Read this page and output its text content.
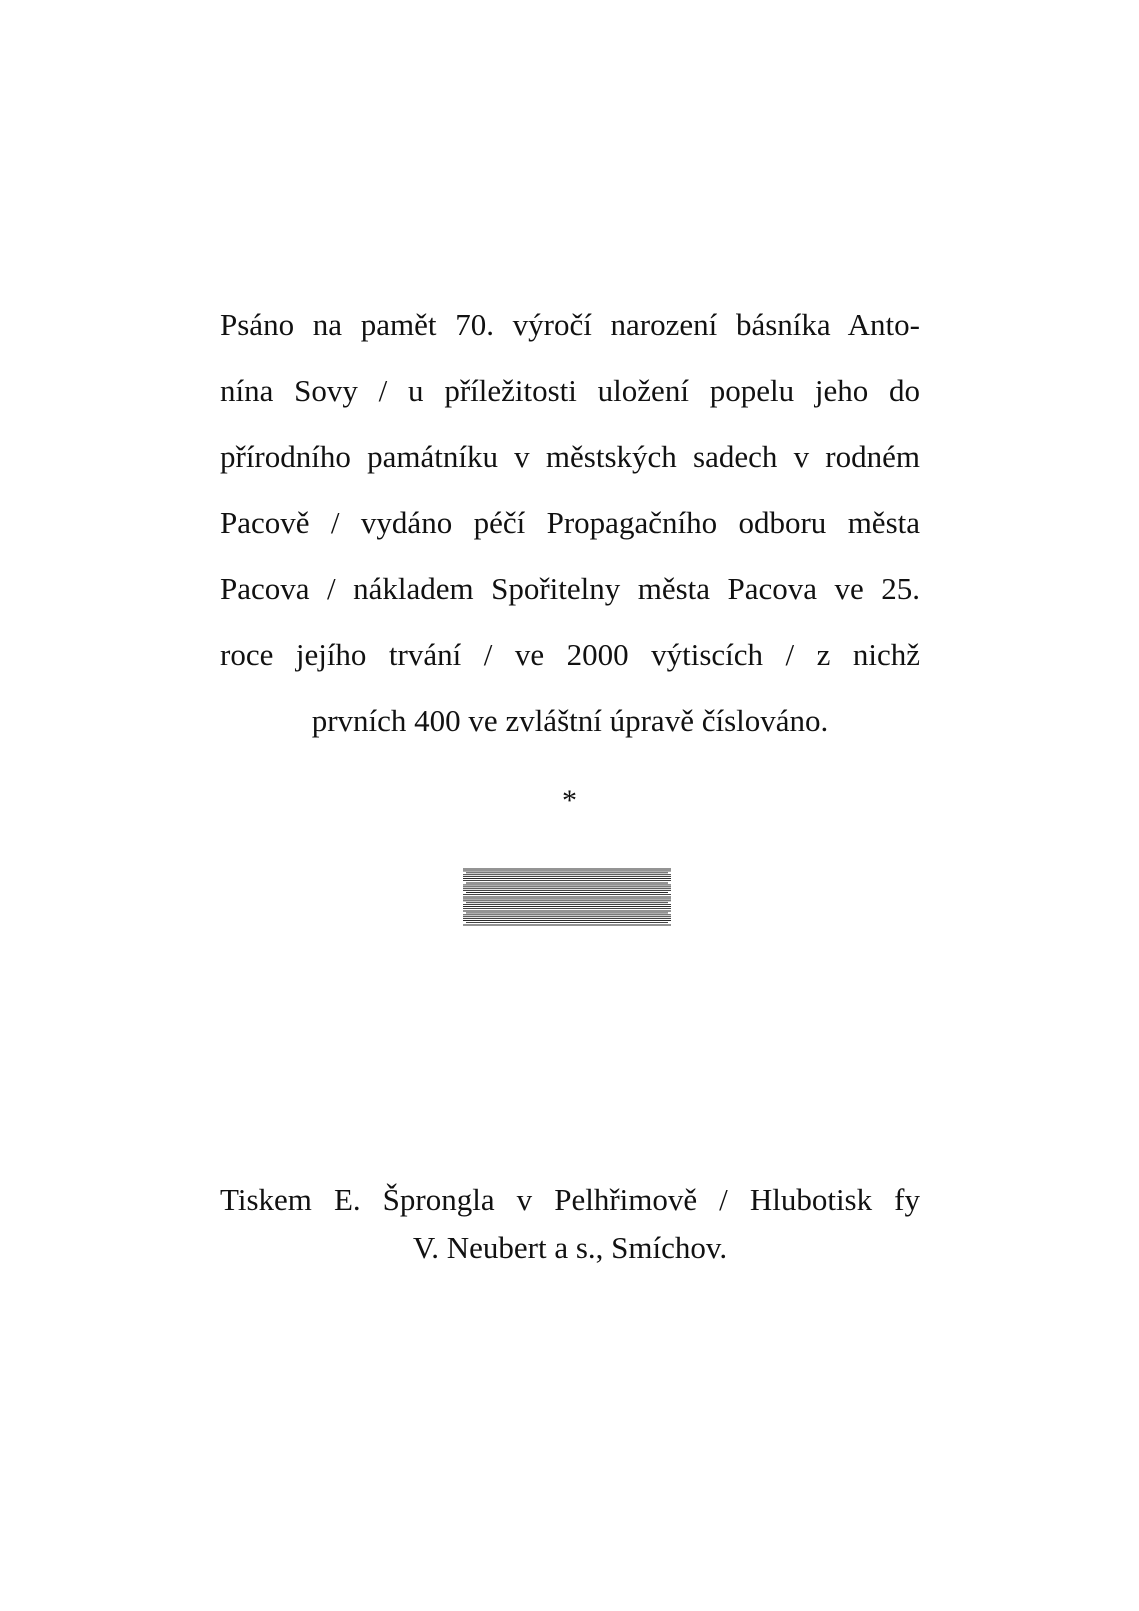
Psáno na pamět 70. výročí narození básníka Anto-
nína Sovy / u příležitosti uložení popelu jeho do
přírodního památníku v městských sadech v rodném
Pacově / vydáno péčí Propagačního odboru města
Pacova / nákladem Spořitelny města Pacova ve 25.
roce jejího trvání / ve 2000 výtiscích / z nichž
prvních 400 ve zvláštní úpravě číslováno.
*
Tiskem E. Šprongla v Pelhřimově / Hlubotisk fy
V. Neubert a s., Smíchov.
